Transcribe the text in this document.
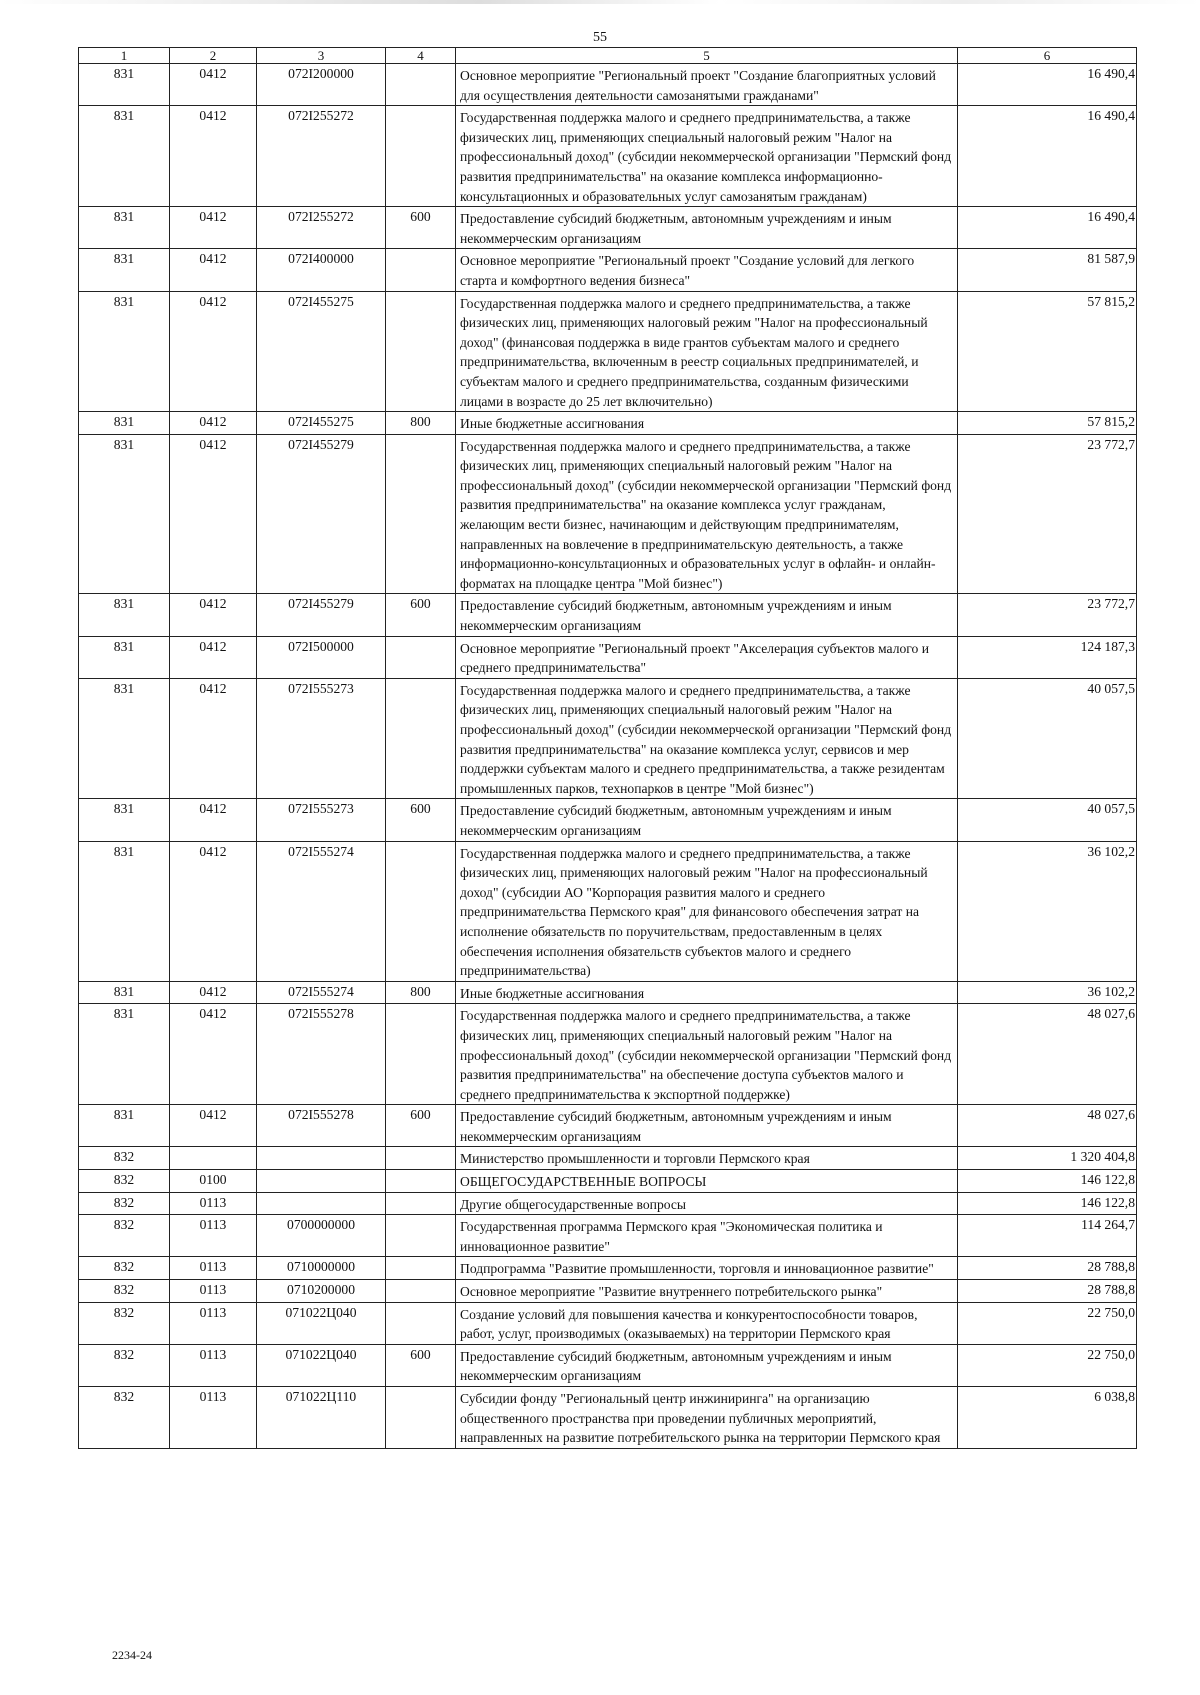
55
1	2	3	4	5	6
831	0412	072I200000		Основное мероприятие "Региональный проект "Создание благоприятных условий для осуществления деятельности самозанятыми гражданами"	16 490,4
831	0412	072I255272		Государственная поддержка малого и среднего предпринимательства, а также физических лиц, применяющих специальный налоговый режим "Налог на профессиональный доход" (субсидии некоммерческой организации "Пермский фонд развития предпринимательства" на оказание комплекса информационно-консультационных и образовательных услуг самозанятым гражданам)	16 490,4
831	0412	072I255272	600	Предоставление субсидий бюджетным, автономным учреждениям и иным некоммерческим организациям	16 490,4
831	0412	072I400000		Основное мероприятие "Региональный проект "Создание условий для легкого старта и комфортного ведения бизнеса"	81 587,9
831	0412	072I455275		Государственная поддержка малого и среднего предпринимательства, а также физических лиц, применяющих налоговый режим "Налог на профессиональный доход" (финансовая поддержка в виде грантов субъектам малого и среднего предпринимательства, включенным в реестр социальных предпринимателей, и субъектам малого и среднего предпринимательства, созданным физическими лицами в возрасте до 25 лет включительно)	57 815,2
831	0412	072I455275	800	Иные бюджетные ассигнования	57 815,2
831	0412	072I455279		Государственная поддержка малого и среднего предпринимательства, а также физических лиц, применяющих специальный налоговый режим "Налог на профессиональный доход" (субсидии некоммерческой организации "Пермский фонд развития предпринимательства" на оказание комплекса услуг гражданам, желающим вести бизнес, начинающим и действующим предпринимателям, направленных на вовлечение в предпринимательскую деятельность, а также информационно-консультационных и образовательных услуг в офлайн- и онлайн-форматах на площадке центра "Мой бизнес")	23 772,7
831	0412	072I455279	600	Предоставление субсидий бюджетным, автономным учреждениям и иным некоммерческим организациям	23 772,7
831	0412	072I500000		Основное мероприятие "Региональный проект "Акселерация субъектов малого и среднего предпринимательства"	124 187,3
831	0412	072I555273		Государственная поддержка малого и среднего предпринимательства, а также физических лиц, применяющих специальный налоговый режим "Налог на профессиональный доход" (субсидии некоммерческой организации "Пермский фонд развития предпринимательства" на оказание комплекса услуг, сервисов и мер поддержки субъектам малого и среднего предпринимательства, а также резидентам промышленных парков, технопарков в центре "Мой бизнес")	40 057,5
831	0412	072I555273	600	Предоставление субсидий бюджетным, автономным учреждениям и иным некоммерческим организациям	40 057,5
831	0412	072I555274		Государственная поддержка малого и среднего предпринимательства, а также физических лиц, применяющих налоговый режим "Налог на профессиональный доход" (субсидии АО "Корпорация развития малого и среднего предпринимательства Пермского края" для финансового обеспечения затрат на исполнение обязательств по поручительствам, предоставленным в целях обеспечения исполнения обязательств субъектов малого и среднего предпринимательства)	36 102,2
831	0412	072I555274	800	Иные бюджетные ассигнования	36 102,2
831	0412	072I555278		Государственная поддержка малого и среднего предпринимательства, а также физических лиц, применяющих специальный налоговый режим "Налог на профессиональный доход" (субсидии некоммерческой организации "Пермский фонд развития предпринимательства" на обеспечение доступа субъектов малого и среднего предпринимательства к экспортной поддержке)	48 027,6
831	0412	072I555278	600	Предоставление субсидий бюджетным, автономным учреждениям и иным некоммерческим организациям	48 027,6
832				Министерство промышленности и торговли Пермского края	1 320 404,8
832	0100			ОБЩЕГОСУДАРСТВЕННЫЕ ВОПРОСЫ	146 122,8
832	0113			Другие общегосударственные вопросы	146 122,8
832	0113	0700000000		Государственная программа Пермского края "Экономическая политика и инновационное развитие"	114 264,7
832	0113	0710000000		Подпрограмма "Развитие промышленности, торговля и инновационное развитие"	28 788,8
832	0113	0710200000		Основное мероприятие "Развитие внутреннего потребительского рынка"	28 788,8
832	0113	071022Ц040		Создание условий для повышения качества и конкурентоспособности товаров, работ, услуг, производимых (оказываемых) на территории Пермского края	22 750,0
832	0113	071022Ц040	600	Предоставление субсидий бюджетным, автономным учреждениям и иным некоммерческим организациям	22 750,0
832	0113	071022Ц110		Субсидии фонду "Региональный центр инжиниринга" на организацию общественного пространства при проведении публичных мероприятий, направленных на развитие потребительского рынка на территории Пермского края	6 038,8
2234-24
